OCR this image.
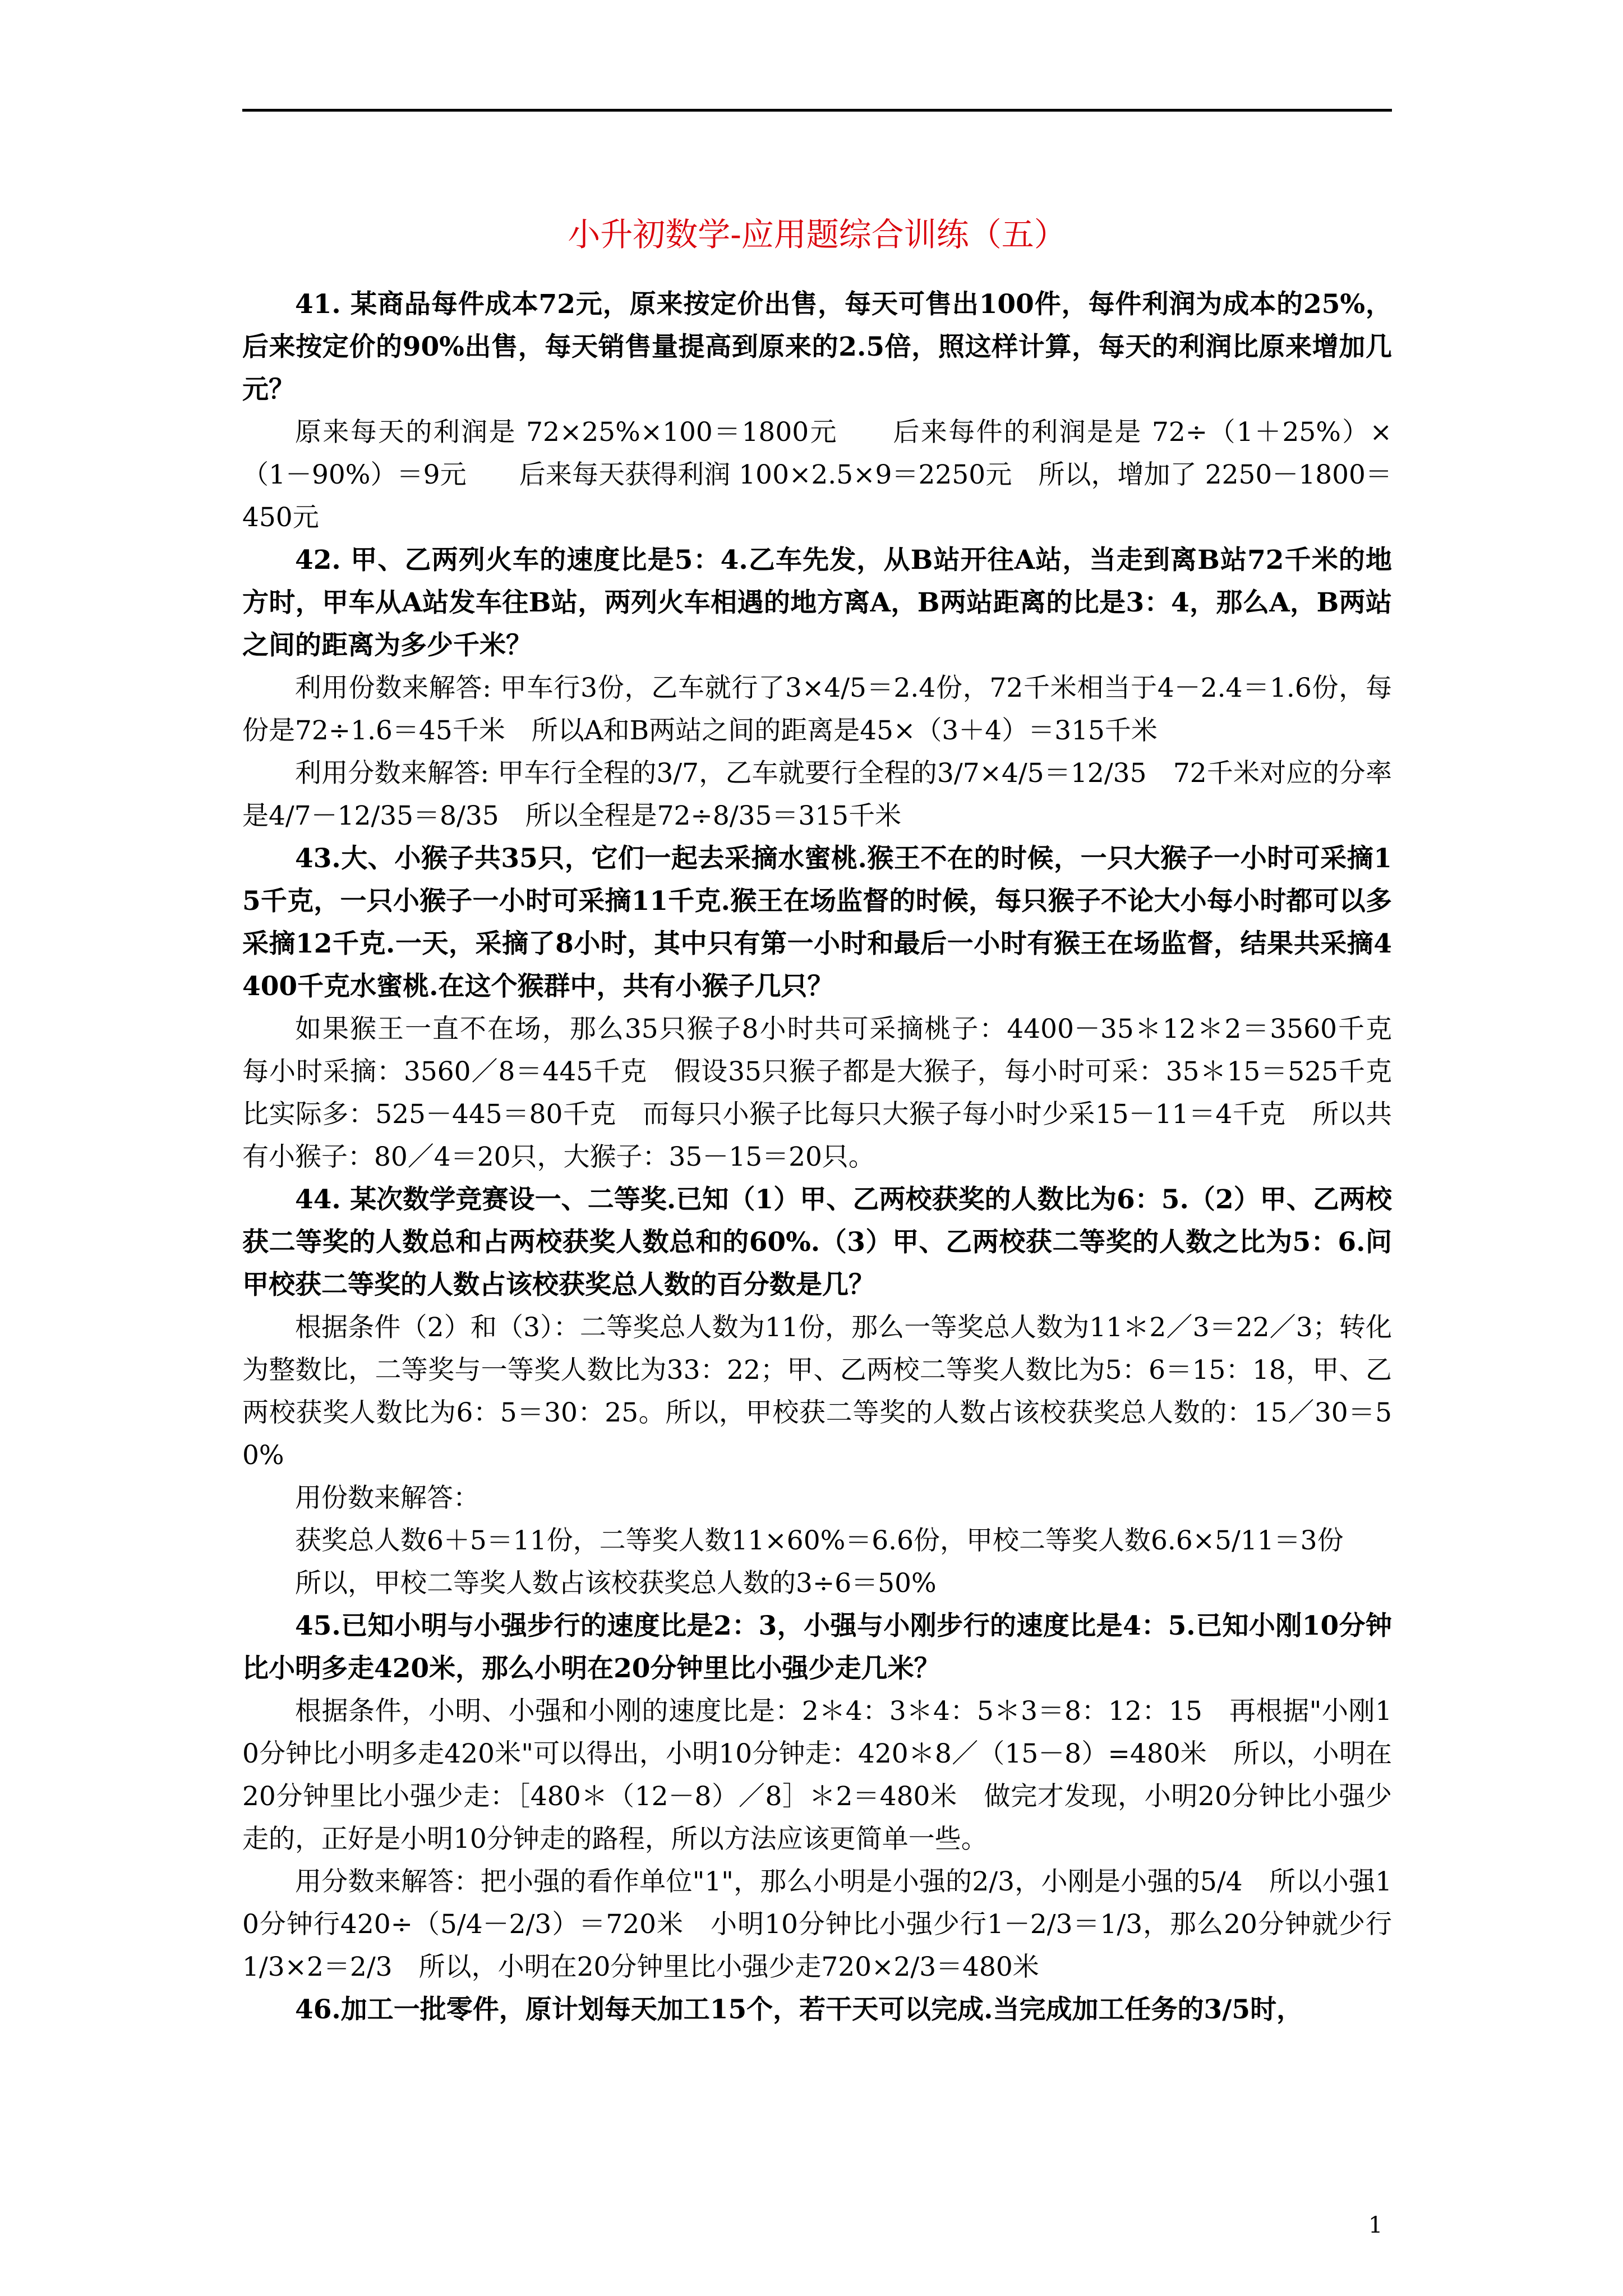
小升初数学-应用题综合训练（五）

41. 某商品每件成本72元，原来按定价出售，每天可售出100件，每件利润为成本的25%，后来按定价的90%出售，每天销售量提高到原来的2.5倍，照这样计算，每天的利润比原来增加几元？

原来每天的利润是 72×25%×100＝1800元　　后来每件的利润是是 72÷（1＋25%）×（1－90%）＝9元　　后来每天获得利润 100×2.5×9＝2250元　所以，增加了 2250－1800＝450元

42. 甲、乙两列火车的速度比是5：4.乙车先发，从B站开往A站，当走到离B站72千米的地方时，甲车从A站发车往B站，两列火车相遇的地方离A，B两站距离的比是3：4，那么A，B两站之间的距离为多少千米？

利用份数来解答: 甲车行3份，乙车就行了3×4/5＝2.4份，72千米相当于4－2.4＝1.6份，每份是72÷1.6＝45千米　所以A和B两站之间的距离是45×（3＋4）＝315千米

利用分数来解答: 甲车行全程的3/7，乙车就要行全程的3/7×4/5＝12/35　72千米对应的分率是4/7－12/35＝8/35　所以全程是72÷8/35＝315千米

43.大、小猴子共35只，它们一起去采摘水蜜桃.猴王不在的时候，一只大猴子一小时可采摘15千克，一只小猴子一小时可采摘11千克.猴王在场监督的时候，每只猴子不论大小每小时都可以多采摘12千克.一天，采摘了8小时，其中只有第一小时和最后一小时有猴王在场监督，结果共采摘4400千克水蜜桃.在这个猴群中，共有小猴子几只？

如果猴王一直不在场，那么35只猴子8小时共可采摘桃子：4400－35＊12＊2＝3560千克　每小时采摘：3560／8＝445千克　假设35只猴子都是大猴子，每小时可采：35＊15＝525千克　比实际多：525－445＝80千克　而每只小猴子比每只大猴子每小时少采15－11＝4千克　所以共有小猴子：80／4＝20只，大猴子：35－15＝20只。

44. 某次数学竞赛设一、二等奖.已知（1）甲、乙两校获奖的人数比为6：5.（2）甲、乙两校获二等奖的人数总和占两校获奖人数总和的60%.（3）甲、乙两校获二等奖的人数之比为5：6.问甲校获二等奖的人数占该校获奖总人数的百分数是几？

根据条件（2）和（3）：二等奖总人数为11份，那么一等奖总人数为11＊2／3＝22／3；转化为整数比，二等奖与一等奖人数比为33：22；甲、乙两校二等奖人数比为5：6＝15：18，甲、乙两校获奖人数比为6：5＝30：25。所以，甲校获二等奖的人数占该校获奖总人数的：15／30＝50%

用份数来解答：

获奖总人数6＋5＝11份，二等奖人数11×60%＝6.6份，甲校二等奖人数6.6×5/11＝3份

所以，甲校二等奖人数占该校获奖总人数的3÷6＝50%

45.已知小明与小强步行的速度比是2：3，小强与小刚步行的速度比是4：5.已知小刚10分钟比小明多走420米，那么小明在20分钟里比小强少走几米？

根据条件，小明、小强和小刚的速度比是：2＊4：3＊4：5＊3＝8：12：15　再根据"小刚10分钟比小明多走420米"可以得出，小明10分钟走：420＊8／（15－8）=480米　所以，小明在20分钟里比小强少走：［480＊（12－8）／8］＊2＝480米　做完才发现，小明20分钟比小强少走的，正好是小明10分钟走的路程，所以方法应该更简单一些。

用分数来解答：把小强的看作单位"1"，那么小明是小强的2/3，小刚是小强的5/4　所以小强10分钟行420÷（5/4－2/3）＝720米　小明10分钟比小强少行1－2/3＝1/3，那么20分钟就少行1/3×2＝2/3　所以，小明在20分钟里比小强少走720×2/3＝480米

46.加工一批零件，原计划每天加工15个，若干天可以完成.当完成加工任务的3/5时，

1
